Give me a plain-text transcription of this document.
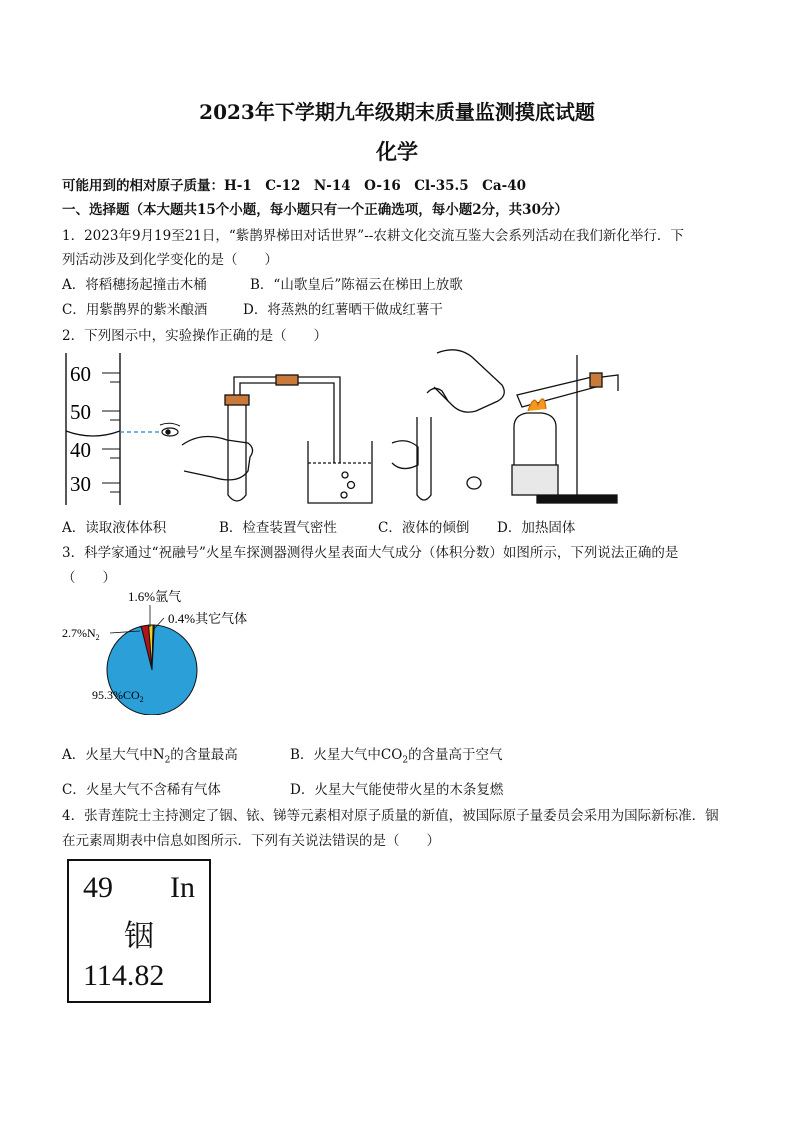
2023年下学期九年级期末质量监测摸底试题
化学
可能用到的相对原子质量：H-1　C-12　N-14　O-16　Cl-35.5　Ca-40
一、选择题（本大题共15个小题，每小题只有一个正确选项，每小题2分，共30分）
1．2023年9月19至21日，“紫鹊界梯田对话世界”--农耕文化交流互鉴大会系列活动在我们新化举行．下
列活动涉及到化学变化的是（　　）
A．将稻穗扬起撞击木桶	B．“山歌皇后”陈福云在梯田上放歌
C．用紫鹊界的紫米酿酒	D．将蒸熟的红薯晒干做成红薯干
2．下列图示中，实验操作正确的是（　　）
60
50
40
30
A．读取液体体积	B．检查装置气密性	C．液体的倾倒 D．加热固体
3．科学家通过“祝融号”火星车探测器测得火星表面大气成分（体积分数）如图所示，下列说法正确的是
（　　）
1.6%氩气
0.4%其它气体
$2.7\%N_2$
$95.3\%CO_2$
A．火星大气中$N_2$的含量最高	B．火星大气中$CO_2$的含量高于空气
C．火星大气不含稀有气体	D．火星大气能使带火星的木条复燃
4．张青莲院士主持测定了铟、铱、锑等元素相对原子质量的新值，被国际原子量委员会采用为国际新标准．铟
在元素周期表中信息如图所示．下列有关说法错误的是（　　）
49 In
铟
114.82
